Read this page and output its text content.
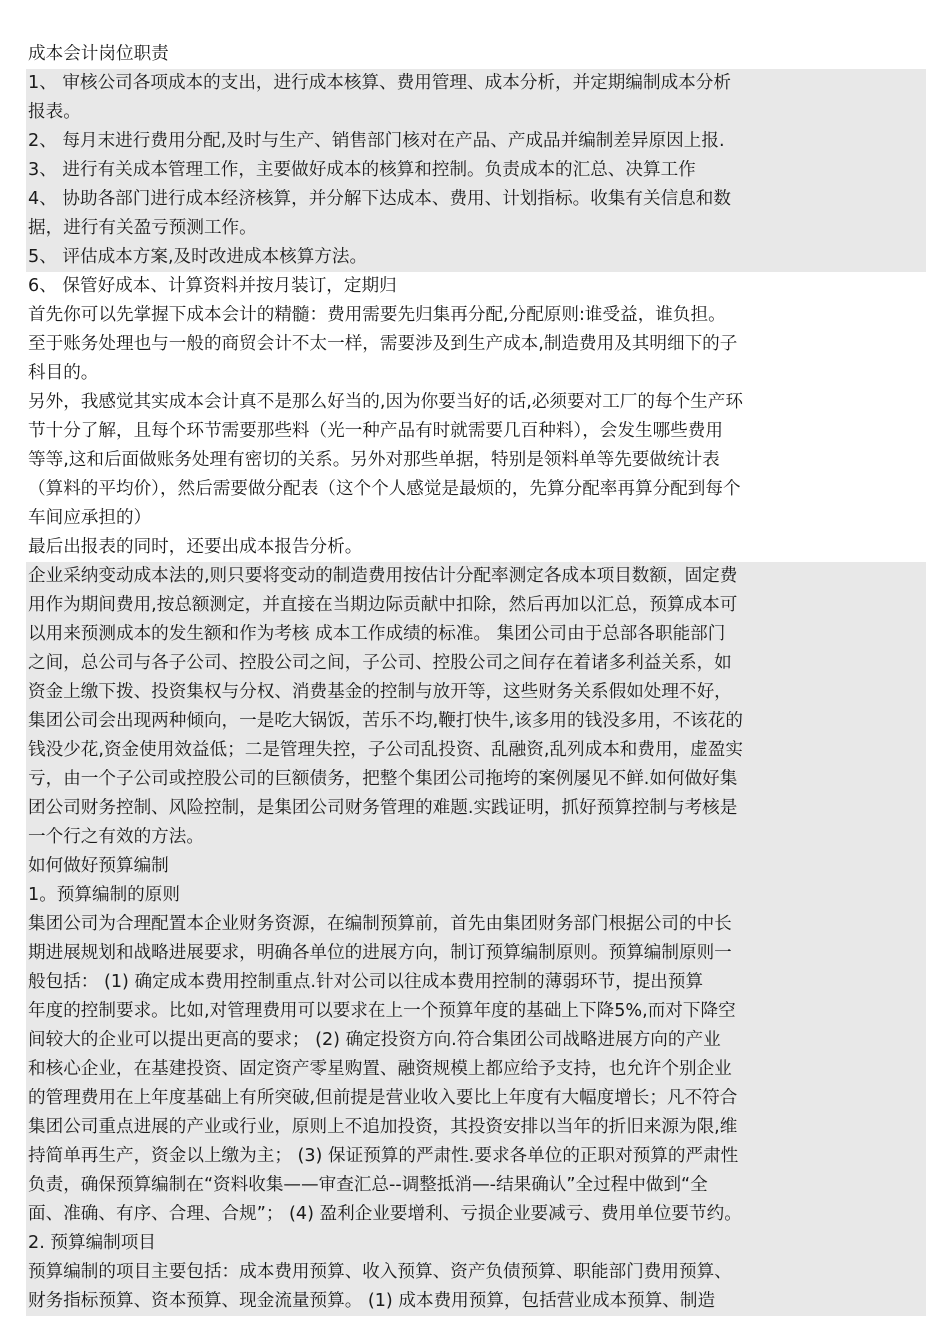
成本会计岗位职责
1、 审核公司各项成本的支出，进行成本核算、费用管理、成本分析，并定期编制成本分析
报表。
2、 每月末进行费用分配,及时与生产、销售部门核对在产品、产成品并编制差异原因上报.
3、 进行有关成本管理工作，主要做好成本的核算和控制。负责成本的汇总、决算工作
4、 协助各部门进行成本经济核算，并分解下达成本、费用、计划指标。收集有关信息和数
据，进行有关盈亏预测工作。
5、 评估成本方案,及时改进成本核算方法。
6、 保管好成本、计算资料并按月装订，定期归
首先你可以先掌握下成本会计的精髓：费用需要先归集再分配,分配原则:谁受益，谁负担。
至于账务处理也与一般的商贸会计不太一样，需要涉及到生产成本,制造费用及其明细下的子
科目的。
另外，我感觉其实成本会计真不是那么好当的,因为你要当好的话,必须要对工厂的每个生产环
节十分了解，且每个环节需要那些料（光一种产品有时就需要几百种料），会发生哪些费用
等等,这和后面做账务处理有密切的关系。另外对那些单据，特别是领料单等先要做统计表
（算料的平均价），然后需要做分配表（这个个人感觉是最烦的，先算分配率再算分配到每个
车间应承担的）
最后出报表的同时，还要出成本报告分析。
企业采纳变动成本法的,则只要将变动的制造费用按估计分配率测定各成本项目数额，固定费
用作为期间费用,按总额测定，并直接在当期边际贡献中扣除，然后再加以汇总，预算成本可
以用来预测成本的发生额和作为考核 成本工作成绩的标准。 集团公司由于总部各职能部门
之间，总公司与各子公司、控股公司之间，子公司、控股公司之间存在着诸多利益关系，如
资金上缴下拨、投资集权与分权、消费基金的控制与放开等，这些财务关系假如处理不好，
集团公司会出现两种倾向，一是吃大锅饭，苦乐不均,鞭打快牛,该多用的钱没多用，不该花的
钱没少花,资金使用效益低；二是管理失控，子公司乱投资、乱融资,乱列成本和费用，虚盈实
亏，由一个子公司或控股公司的巨额债务，把整个集团公司拖垮的案例屡见不鲜.如何做好集
团公司财务控制、风险控制，是集团公司财务管理的难题.实践证明，抓好预算控制与考核是
一个行之有效的方法。
如何做好预算编制
1。预算编制的原则
集团公司为合理配置本企业财务资源，在编制预算前，首先由集团财务部门根据公司的中长
期进展规划和战略进展要求，明确各单位的进展方向，制订预算编制原则。预算编制原则一
般包括： (1) 确定成本费用控制重点.针对公司以往成本费用控制的薄弱环节，提出预算
年度的控制要求。比如,对管理费用可以要求在上一个预算年度的基础上下降5%,而对下降空
间较大的企业可以提出更高的要求； (2) 确定投资方向.符合集团公司战略进展方向的产业
和核心企业，在基建投资、固定资产零星购置、融资规模上都应给予支持，也允许个别企业
的管理费用在上年度基础上有所突破,但前提是营业收入要比上年度有大幅度增长；凡不符合
集团公司重点进展的产业或行业，原则上不追加投资，其投资安排以当年的折旧来源为限,维
持简单再生产，资金以上缴为主； (3) 保证预算的严肃性.要求各单位的正职对预算的严肃性
负责，确保预算编制在“资料收集——审查汇总--调整抵消—-结果确认”全过程中做到“全
面、准确、有序、合理、合规”； (4) 盈利企业要增利、亏损企业要减亏、费用单位要节约。
2. 预算编制项目
预算编制的项目主要包括：成本费用预算、收入预算、资产负债预算、职能部门费用预算、
财务指标预算、资本预算、现金流量预算。 (1) 成本费用预算，包括营业成本预算、制造
